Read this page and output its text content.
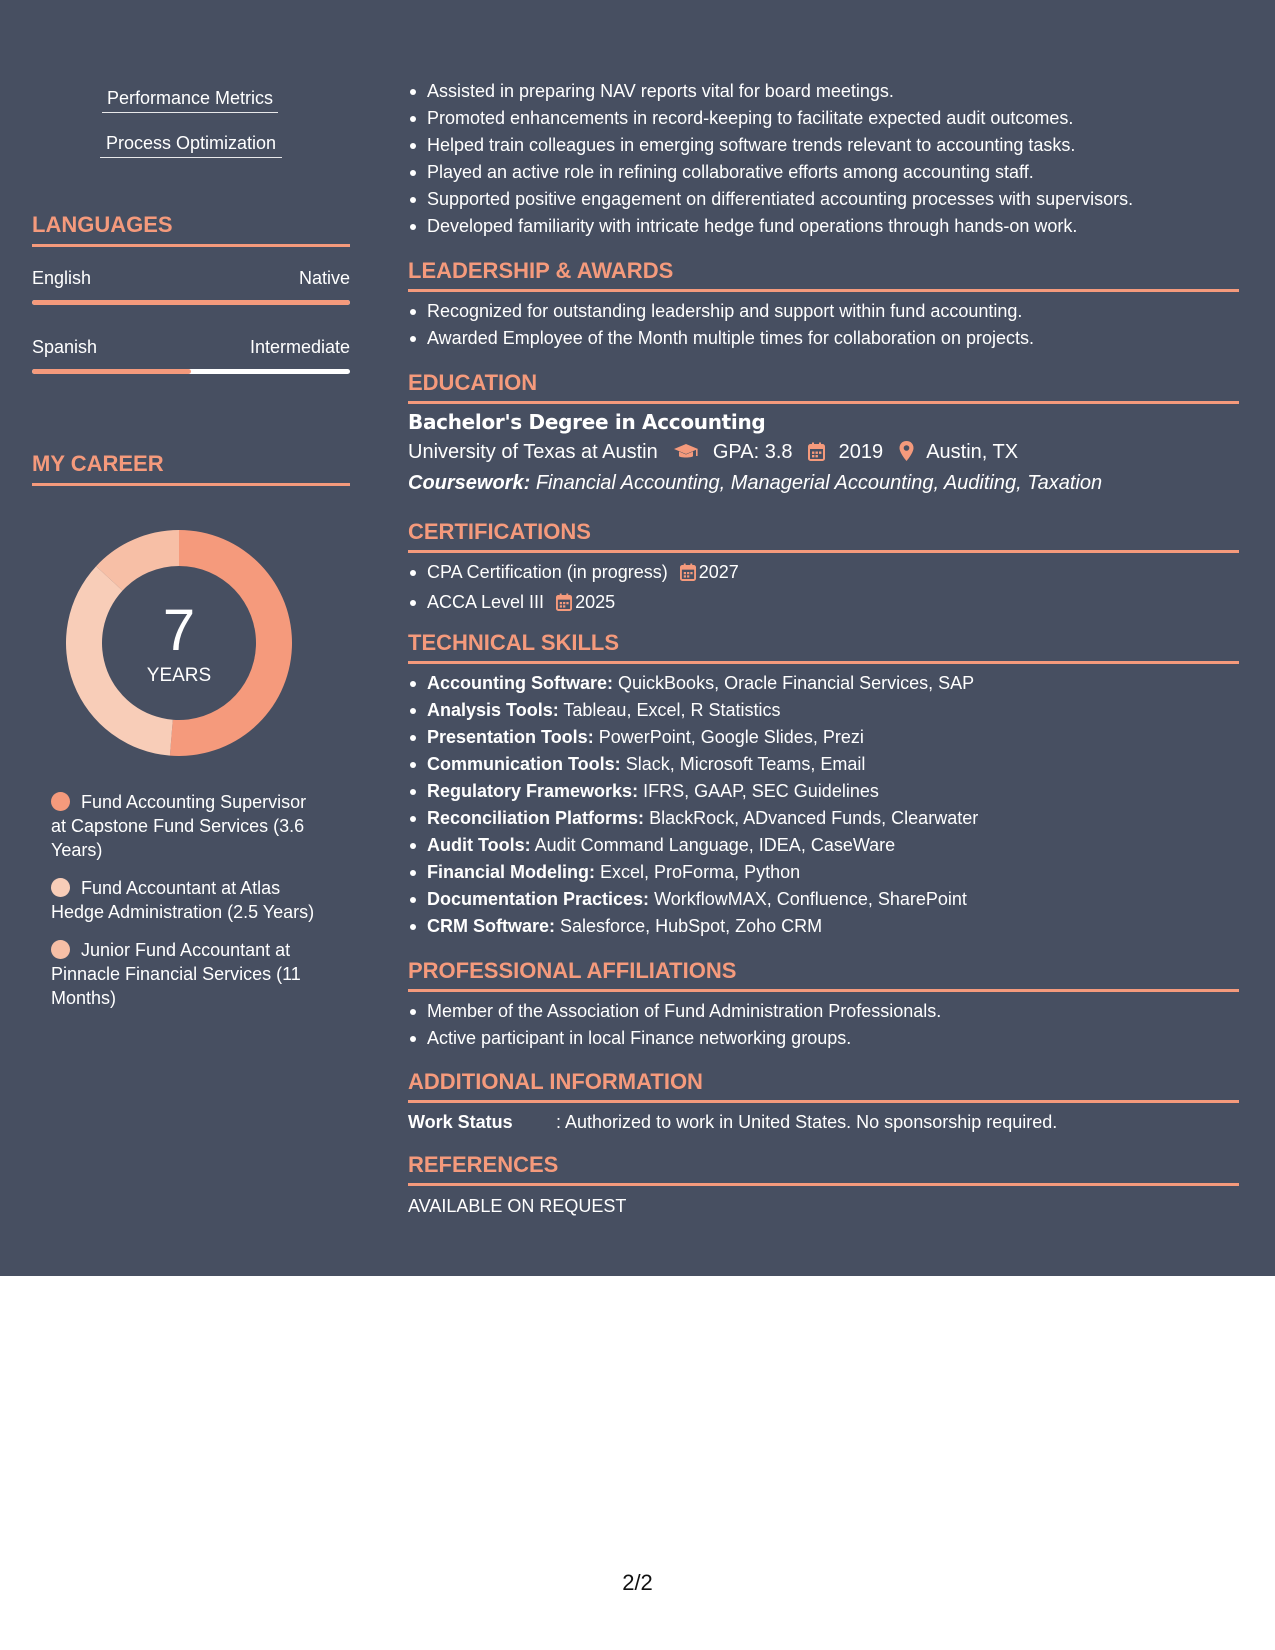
Performance Metrics
Process Optimization
LANGUAGES
English	Native
Spanish	Intermediate
MY CAREER
7
YEARS
Fund Accounting Supervisor at Capstone Fund Services (3.6 Years)
Fund Accountant at Atlas Hedge Administration (2.5 Years)
Junior Fund Accountant at Pinnacle Financial Services (11 Months)
Assisted in preparing NAV reports vital for board meetings.
Promoted enhancements in record-keeping to facilitate expected audit outcomes.
Helped train colleagues in emerging software trends relevant to accounting tasks.
Played an active role in refining collaborative efforts among accounting staff.
Supported positive engagement on differentiated accounting processes with supervisors.
Developed familiarity with intricate hedge fund operations through hands-on work.
LEADERSHIP & AWARDS
Recognized for outstanding leadership and support within fund accounting.
Awarded Employee of the Month multiple times for collaboration on projects.
EDUCATION
Bachelor's Degree in Accounting
University of Texas at Austin	GPA: 3.8 2019 Austin, TX
Coursework: Financial Accounting, Managerial Accounting, Auditing, Taxation
CERTIFICATIONS
CPA Certification (in progress) 2027
ACCA Level III 2025
TECHNICAL SKILLS
Accounting Software: QuickBooks, Oracle Financial Services, SAP
Analysis Tools: Tableau, Excel, R Statistics
Presentation Tools: PowerPoint, Google Slides, Prezi
Communication Tools: Slack, Microsoft Teams, Email
Regulatory Frameworks: IFRS, GAAP, SEC Guidelines
Reconciliation Platforms: BlackRock, ADvanced Funds, Clearwater
Audit Tools: Audit Command Language, IDEA, CaseWare
Financial Modeling: Excel, ProForma, Python
Documentation Practices: WorkflowMAX, Confluence, SharePoint
CRM Software: Salesforce, HubSpot, Zoho CRM
PROFESSIONAL AFFILIATIONS
Member of the Association of Fund Administration Professionals.
Active participant in local Finance networking groups.
ADDITIONAL INFORMATION
Work Status : Authorized to work in United States. No sponsorship required.
REFERENCES
AVAILABLE ON REQUEST
2/2
